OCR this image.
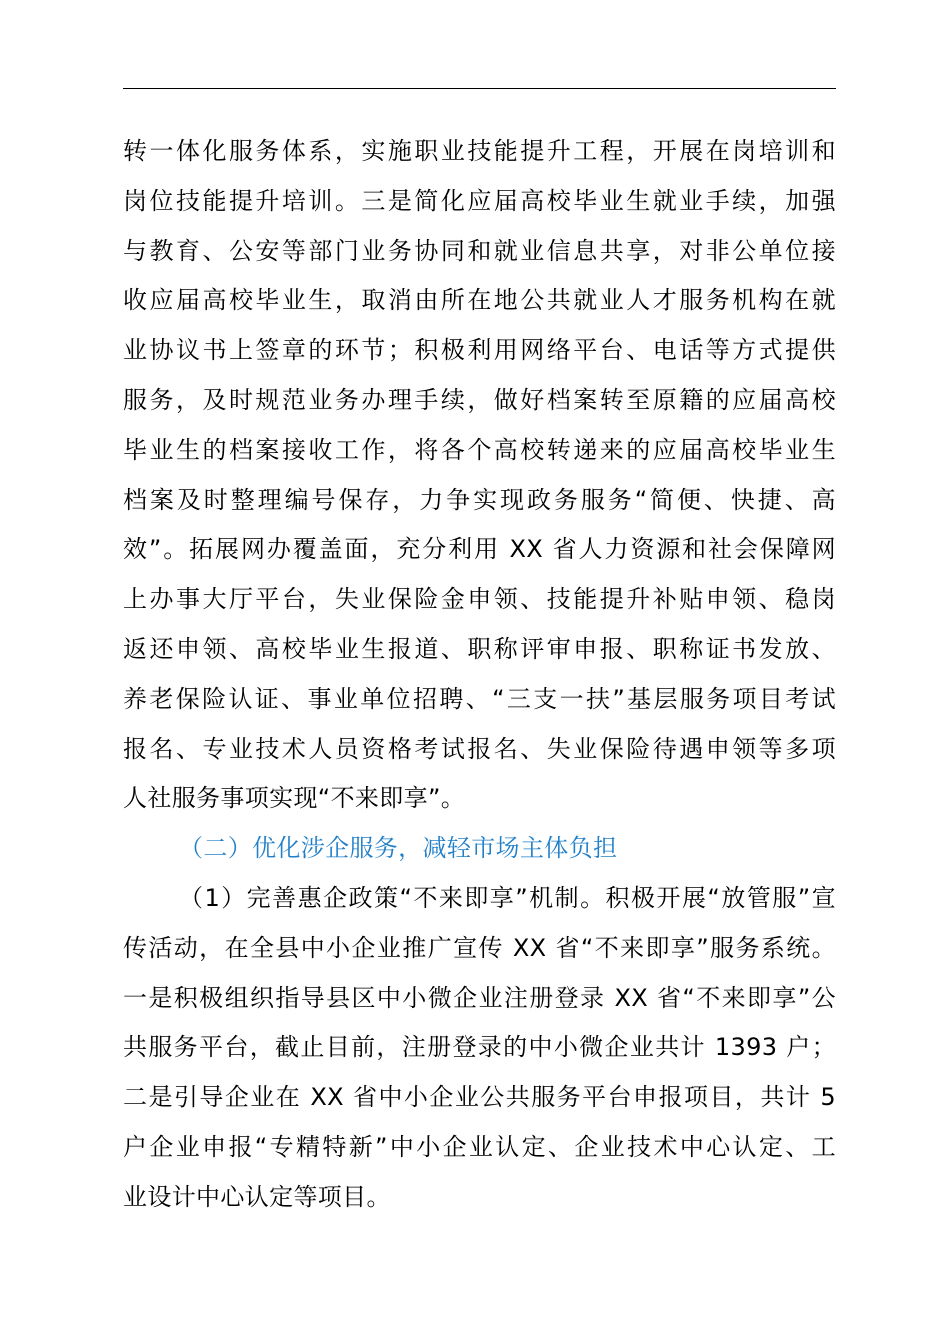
转一体化服务体系，实施职业技能提升工程，开展在岗培训和
岗位技能提升培训。三是简化应届高校毕业生就业手续，加强
与教育、公安等部门业务协同和就业信息共享，对非公单位接
收应届高校毕业生，取消由所在地公共就业人才服务机构在就
业协议书上签章的环节；积极利用网络平台、电话等方式提供
服务，及时规范业务办理手续，做好档案转至原籍的应届高校
毕业生的档案接收工作，将各个高校转递来的应届高校毕业生
档案及时整理编号保存，力争实现政务服务“简便、快捷、高
效”。拓展网办覆盖面，充分利用 XX 省人力资源和社会保障网
上办事大厅平台，失业保险金申领、技能提升补贴申领、稳岗
返还申领、高校毕业生报道、职称评审申报、职称证书发放、
养老保险认证、事业单位招聘、“三支一扶”基层服务项目考试
报名、专业技术人员资格考试报名、失业保险待遇申领等多项
人社服务事项实现“不来即享”。
（二）优化涉企服务，减轻市场主体负担
（1）完善惠企政策“不来即享”机制。积极开展“放管服”宣
传活动，在全县中小企业推广宣传 XX 省“不来即享”服务系统。
一是积极组织指导县区中小微企业注册登录 XX 省“不来即享”公
共服务平台，截止目前，注册登录的中小微企业共计 1393 户；
二是引导企业在 XX 省中小企业公共服务平台申报项目，共计 5
户企业申报“专精特新”中小企业认定、企业技术中心认定、工
业设计中心认定等项目。
